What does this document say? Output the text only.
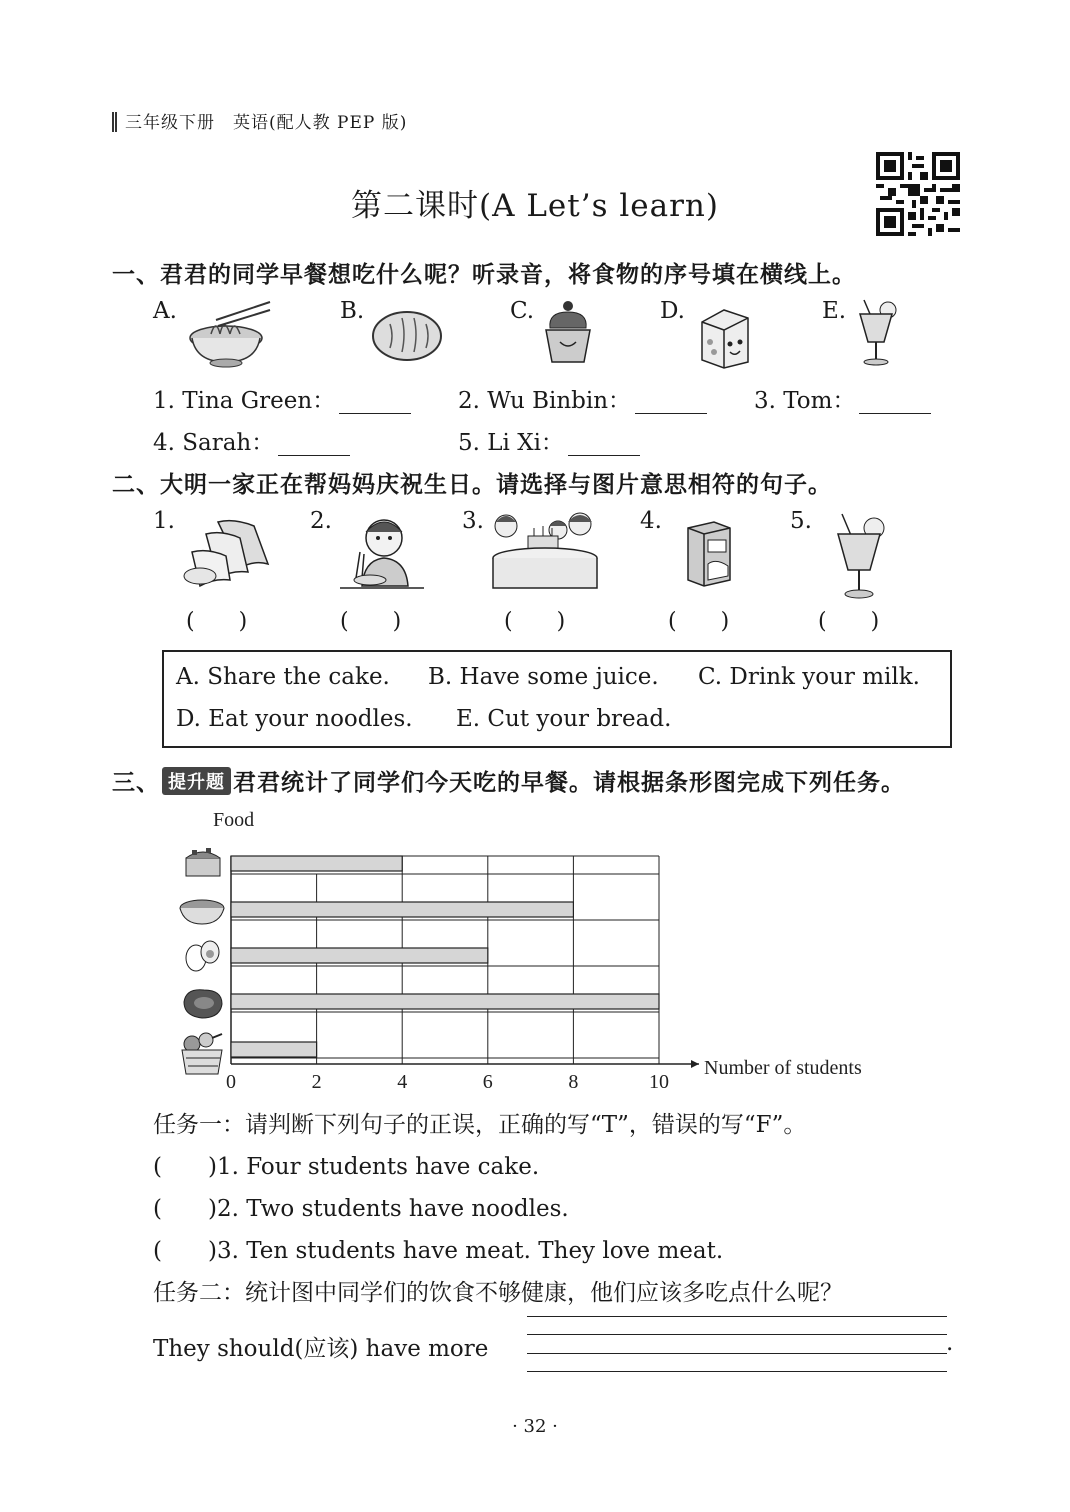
三年级下册　英语(配人教 PEP 版)
第二课时(A Let’s learn)
一、君君的同学早餐想吃什么呢？听录音，将食物的序号填在横线上。
A.	B.	C.	D.	E.
1. Tina Green：	2. Wu Binbin：	3. Tom：
4. Sarah：	5. Li Xi：
二、大明一家正在帮妈妈庆祝生日。请选择与图片意思相符的句子。
1.
(　　)
2.
(　　)
3.
(　　)
4.
(　　)
5.
(　　)
A. Share the cake. B. Have some juice. C. Drink your milk.
D. Eat your noodles. E. Cut your bread.
三、 提升题 君君统计了同学们今天吃的早餐。请根据条形图完成下列任务。
Food
Number of students
0	2	4	6	8	10
任务一：请判断下列句子的正误，正确的写“T”，错误的写“F”。
(　　)1. Four students have cake.
(　　)2. Two students have noodles.
(　　)3. Ten students have meat. They love meat.
任务二：统计图中同学们的饮食不够健康，他们应该多吃点什么呢？
They should(应该) have more	.
· 32 ·
